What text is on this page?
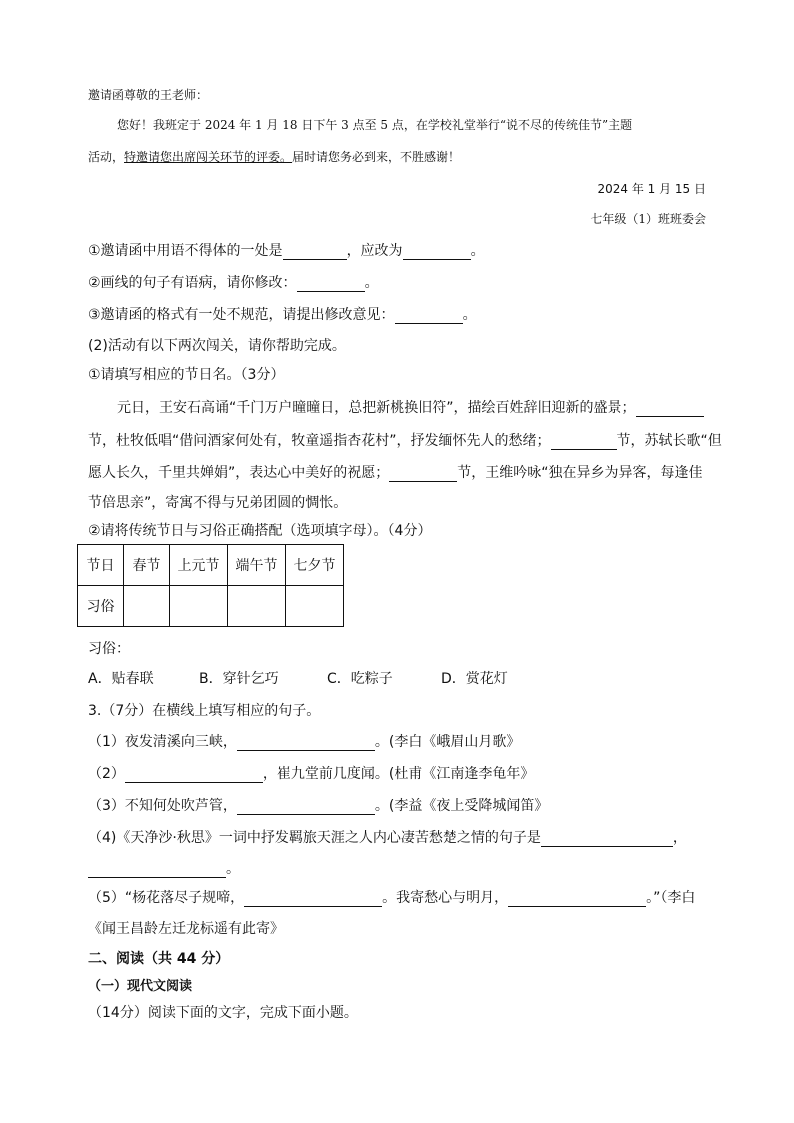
邀请函尊敬的王老师：
您好！我班定于 2024 年 1 月 18 日下午 3 点至 5 点，在学校礼堂举行“说不尽的传统佳节”主题
活动，特邀请您出席闯关环节的评委。届时请您务必到来，不胜感谢！
2024 年 1 月 15 日
七年级（1）班班委会
①邀请函中用语不得体的一处是	，应改为	。
②画线的句子有语病，请你修改：	。
③邀请函的格式有一处不规范，请提出修改意见：	。
(2)活动有以下两次闯关，请你帮助完成。
①请填写相应的节日名。（3分）
元日，王安石高诵“千门万户曈曈日，总把新桃换旧符”，描绘百姓辞旧迎新的盛景；
节，杜牧低唱“借问酒家何处有，牧童遥指杏花村”，抒发缅怀先人的愁绪；	节，苏轼长歌“但
愿人长久，千里共婵娟”，表达心中美好的祝愿；	节，王维吟咏“独在异乡为异客，每逢佳
节倍思亲”，寄寓不得与兄弟团圆的惆怅。
②请将传统节日与习俗正确搭配（选项填字母）。（4分）
节日	春节	上元节	端午节	七夕节
习俗				
习俗：
A．贴春联	B．穿针乞巧	C．吃粽子	D．赏花灯
3.（7分）在横线上填写相应的句子。
（1）夜发清溪向三峡，	。(李白《峨眉山月歌》
（2）	，崔九堂前几度闻。(杜甫《江南逢李龟年》
（3）不知何处吹芦管，	。(李益《夜上受降城闻笛》
（4)《天净沙·秋思》一词中抒发羁旅天涯之人内心凄苦愁楚之情的句子是	，
。
（5）“杨花落尽子规啼，	。我寄愁心与明月，	。”（李白
《闻王昌龄左迁龙标遥有此寄》
二、阅读（共 44 分）
（一）现代文阅读
（14分）阅读下面的文字，完成下面小题。
